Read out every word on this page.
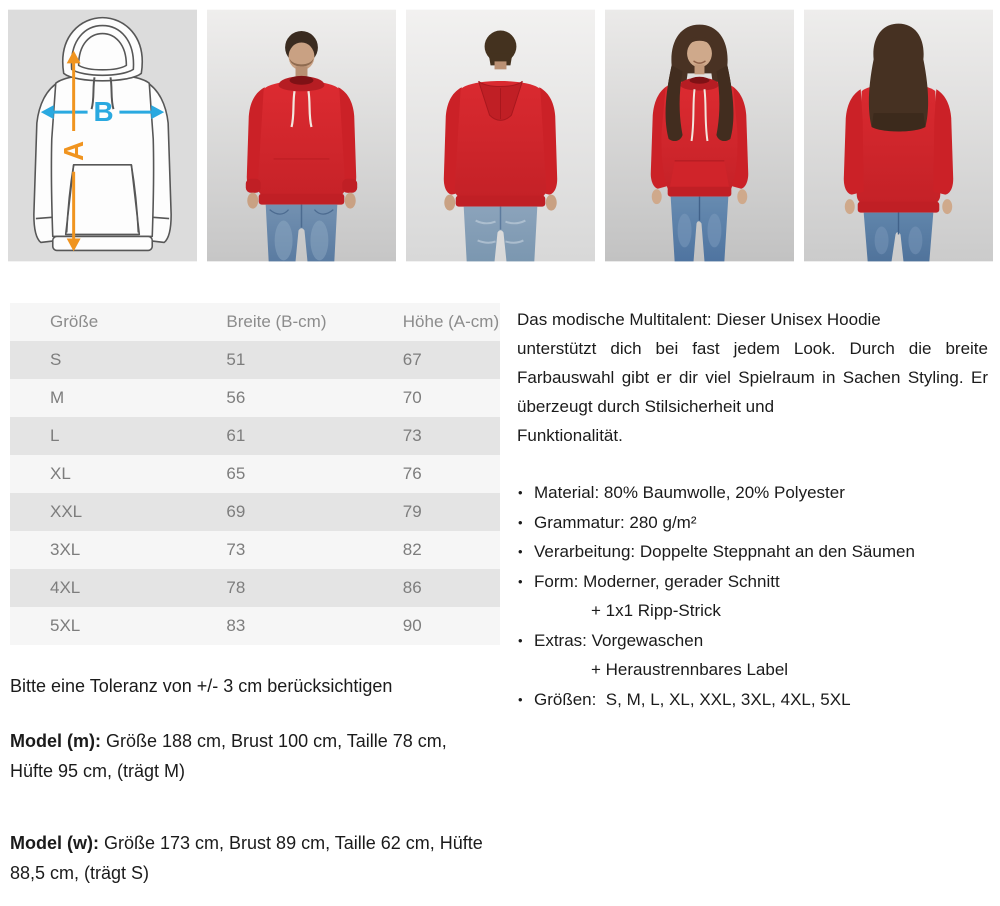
B
A
Größe	Breite (B-cm)	Höhe (A-cm)
S	51	67
M	56	70
L	61	73
XL	65	76
XXL	69	79
3XL	73	82
4XL	78	86
5XL	83	90
Bitte eine Toleranz von +/- 3 cm berücksichtigen

Model (m): Größe 188 cm, Brust 100 cm, Taille 78 cm, Hüfte 95 cm, (trägt M)

Model (w): Größe 173 cm, Brust 89 cm, Taille 62 cm, Hüfte 88,5 cm, (trägt S)

Das modische Multitalent: Dieser Unisex Hoodie
unterstützt dich bei fast jedem Look. Durch die breite Farbauswahl gibt er dir viel Spielraum in Sachen Styling. Er überzeugt durch Stilsicherheit und
Funktionalität.

• Material: 80% Baumwolle, 20% Polyester
• Grammatur: 280 g/m²
• Verarbeitung: Doppelte Steppnaht an den Säumen
• Form: Moderner, gerader Schnitt
+ 1x1 Ripp-Strick
• Extras: Vorgewaschen
+ Heraustrennbares Label
• Größen:  S, M, L, XL, XXL, 3XL, 4XL, 5XL
